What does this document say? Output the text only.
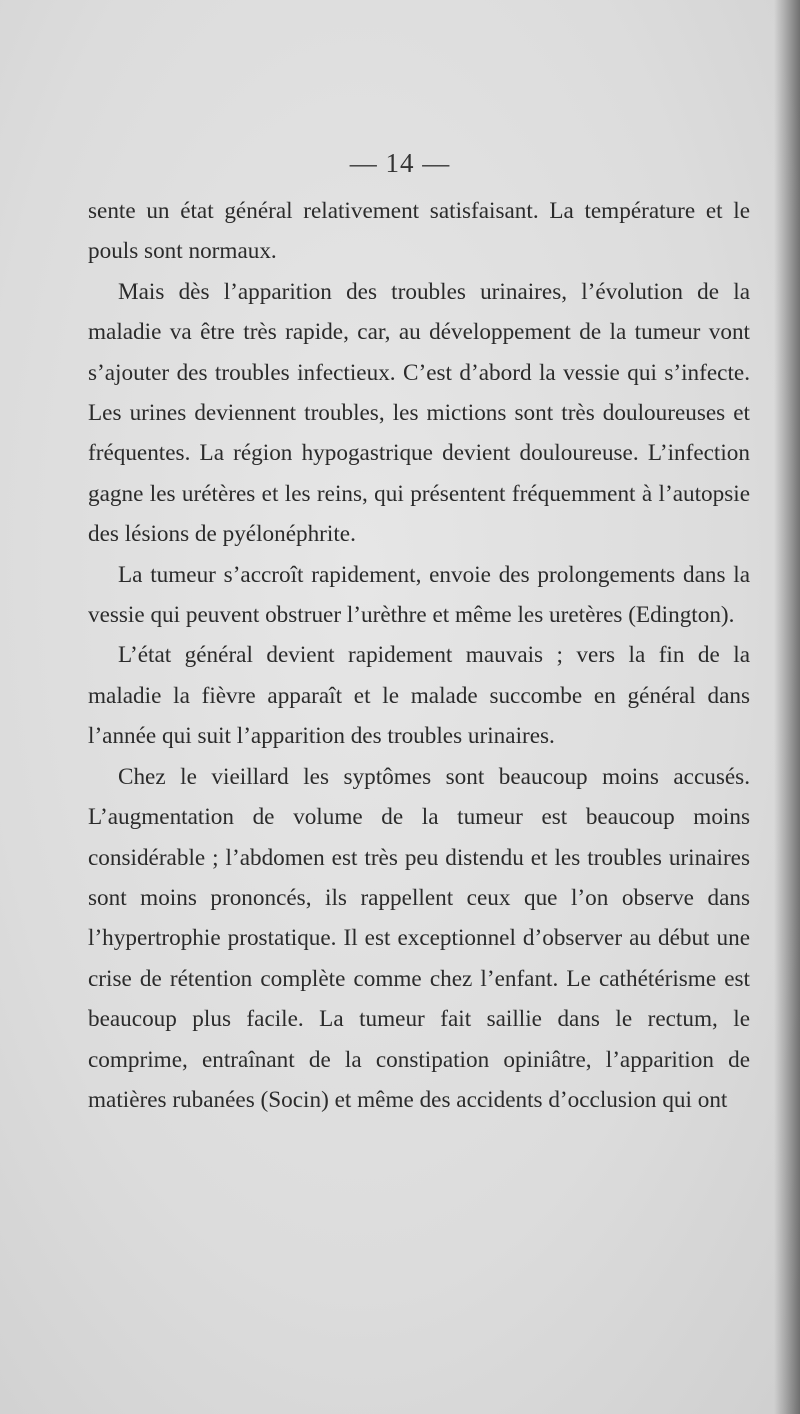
— 14 —

sente un état général relativement satisfaisant. La température et le pouls sont normaux.

Mais dès l’apparition des troubles urinaires, l’évolution de la maladie va être très rapide, car, au développement de la tumeur vont s’ajouter des troubles infectieux. C’est d’abord la vessie qui s’infecte. Les urines deviennent troubles, les mictions sont très douloureuses et fréquentes. La région hypogastrique devient douloureuse. L’infection gagne les urétères et les reins, qui présentent fréquemment à l’autopsie des lésions de pyélonéphrite.

La tumeur s’accroît rapidement, envoie des prolongements dans la vessie qui peuvent obstruer l’urèthre et même les uretères (Edington).

L’état général devient rapidement mauvais ; vers la fin de la maladie la fièvre apparaît et le malade succombe en général dans l’année qui suit l’apparition des troubles urinaires.

Chez le vieillard les syptômes sont beaucoup moins accusés. L’augmentation de volume de la tumeur est beaucoup moins considérable ; l’abdomen est très peu distendu et les troubles urinaires sont moins prononcés, ils rappellent ceux que l’on observe dans l’hypertrophie prostatique. Il est exceptionnel d’observer au début une crise de rétention complète comme chez l’enfant. Le cathétérisme est beaucoup plus facile. La tumeur fait saillie dans le rectum, le comprime, entraînant de la constipation opiniâtre, l’apparition de matières rubanées (Socin) et même des accidents d’occlusion qui ont
